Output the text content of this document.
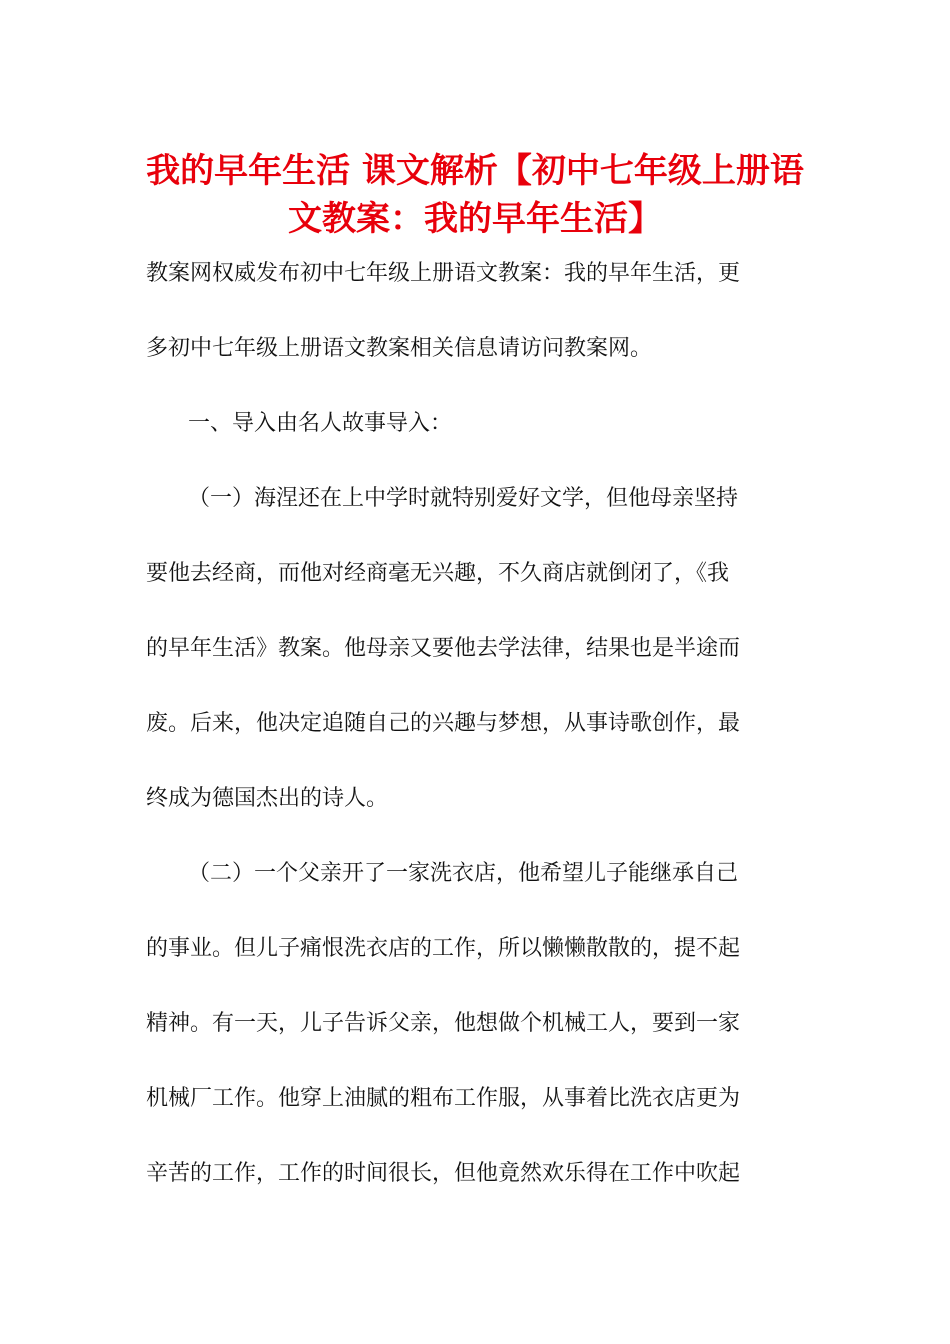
我的早年生活 课文解析【初中七年级上册语
文教案：我的早年生活】

教案网权威发布初中七年级上册语文教案：我的早年生活，更

多初中七年级上册语文教案相关信息请访问教案网。

一、导入由名人故事导入：

（一）海涅还在上中学时就特别爱好文学，但他母亲坚持

要他去经商，而他对经商毫无兴趣，不久商店就倒闭了，《我

的早年生活》教案。他母亲又要他去学法律，结果也是半途而

废。后来，他决定追随自己的兴趣与梦想，从事诗歌创作，最

终成为德国杰出的诗人。

（二）一个父亲开了一家洗衣店，他希望儿子能继承自己

的事业。但儿子痛恨洗衣店的工作，所以懒懒散散的，提不起

精神。有一天，儿子告诉父亲，他想做个机械工人，要到一家

机械厂工作。他穿上油腻的粗布工作服，从事着比洗衣店更为

辛苦的工作，工作的时间很长，但他竟然欢乐得在工作中吹起
